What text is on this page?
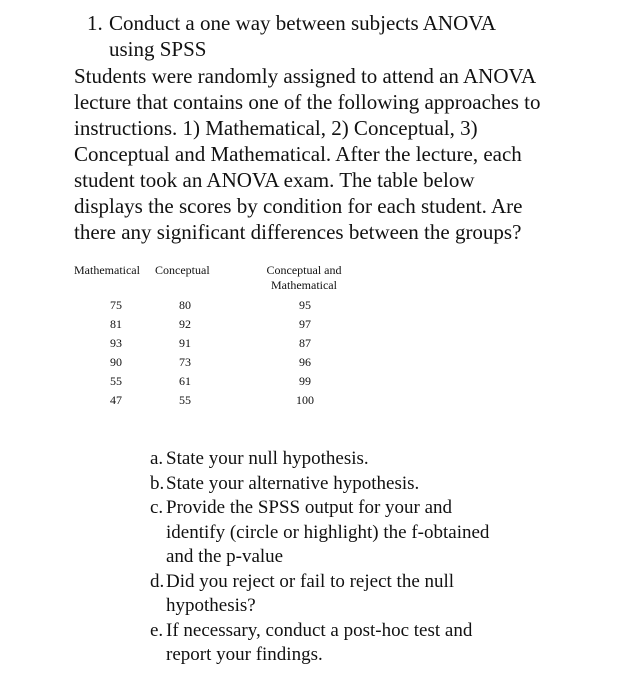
1. Conduct a one way between subjects ANOVA
using SPSS
Students were randomly assigned to attend an ANOVA
lecture that contains one of the following approaches to
instructions. 1) Mathematical, 2) Conceptual, 3)
Conceptual and Mathematical. After the lecture, each
student took an ANOVA exam. The table below
displays the scores by condition for each student. Are
there any significant differences between the groups?
Mathematical Conceptual	Conceptual and
Mathematical
75
81
93
90
55
47
80
92
91
73
61
55
95
97
87
96
99
100
a. State your null hypothesis.
b. State your alternative hypothesis.
c. Provide the SPSS output for your and
identify (circle or highlight) the f-obtained
and the p-value
d. Did you reject or fail to reject the null
hypothesis?
e. If necessary, conduct a post-hoc test and
report your findings.
